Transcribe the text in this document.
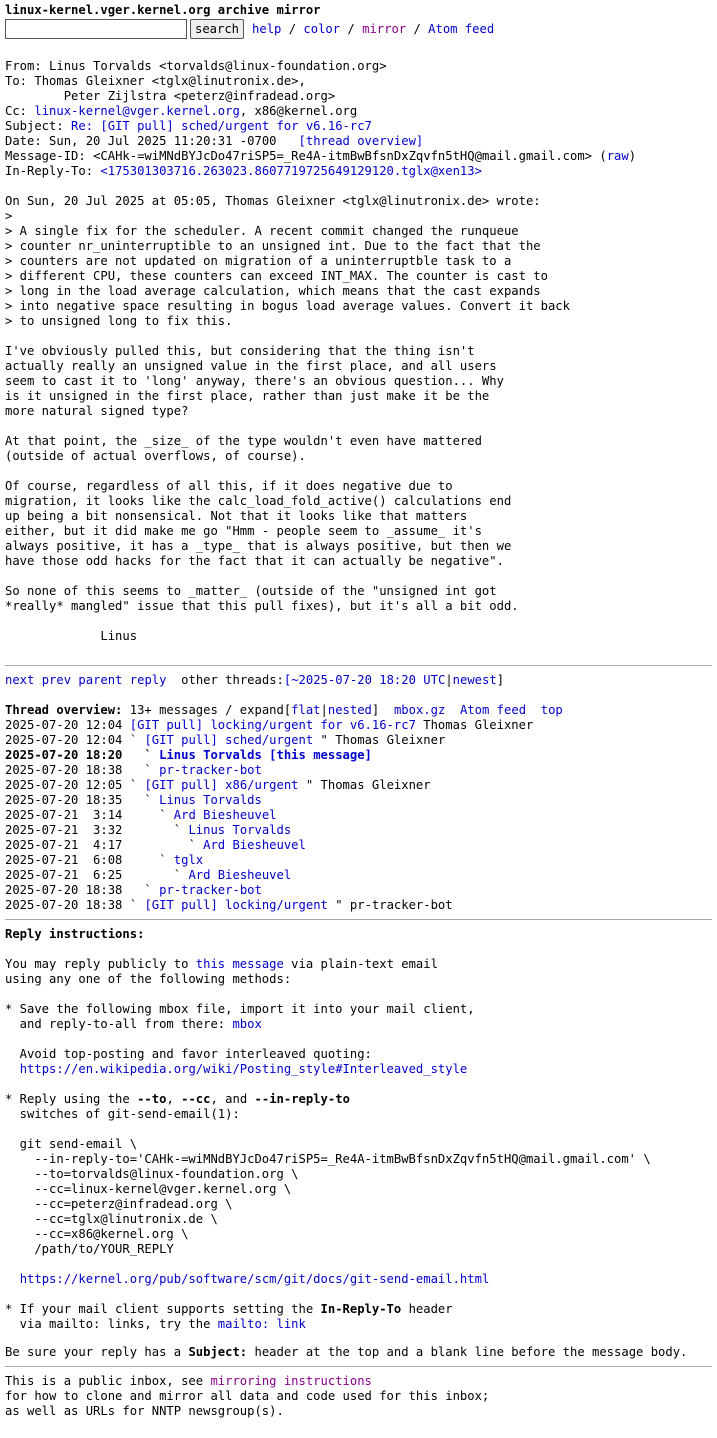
linux-kernel.vger.kernel.org archive mirror
search	help / color / mirror / Atom feed
From: Linus Torvalds <torvalds@linux-foundation.org>
To: Thomas Gleixner <tglx@linutronix.de>,
Peter Zijlstra <peterz@infradead.org>
Cc: linux-kernel@vger.kernel.org, x86@kernel.org
Subject: Re: [GIT pull] sched/urgent for v6.16-rc7
Date: Sun, 20 Jul 2025 11:20:31 -0700   [thread overview]
Message-ID: <CAHk-=wiMNdBYJcDo47riSP5=_Re4A-itmBwBfsnDxZqvfn5tHQ@mail.gmail.com> (raw)
In-Reply-To: <175301303716.263023.8607719725649129120.tglx@xen13>
On Sun, 20 Jul 2025 at 05:05, Thomas Gleixner <tglx@linutronix.de> wrote:
>
> A single fix for the scheduler. A recent commit changed the runqueue
> counter nr_uninterruptible to an unsigned int. Due to the fact that the
> counters are not updated on migration of a uninterruptble task to a
> different CPU, these counters can exceed INT_MAX. The counter is cast to
> long in the load average calculation, which means that the cast expands
> into negative space resulting in bogus load average values. Convert it back
> to unsigned long to fix this.
I've obviously pulled this, but considering that the thing isn't
actually really an unsigned value in the first place, and all users
seem to cast it to 'long' anyway, there's an obvious question... Why
is it unsigned in the first place, rather than just make it be the
more natural signed type?
At that point, the _size_ of the type wouldn't even have mattered
(outside of actual overflows, of course).
Of course, regardless of all this, if it does negative due to
migration, it looks like the calc_load_fold_active() calculations end
up being a bit nonsensical. Not that it looks like that matters
either, but it did make me go "Hmm - people seem to _assume_ it's
always positive, it has a _type_ that is always positive, but then we
have those odd hacks for the fact that it can actually be negative".
So none of this seems to _matter_ (outside of the "unsigned int got
*really* mangled" issue that this pull fixes), but it's all a bit odd.
Linus
next prev parent reply  other threads:[~2025-07-20 18:20 UTC|newest]
Thread overview: 13+ messages / expand[flat|nested] mbox.gz Atom feed top
2025-07-20 12:04 [GIT pull] locking/urgent for v6.16-rc7 Thomas Gleixner
2025-07-20 12:04 ` [GIT pull] sched/urgent " Thomas Gleixner
2025-07-20 18:20   ` Linus Torvalds [this message]
2025-07-20 18:38   ` pr-tracker-bot
2025-07-20 12:05 ` [GIT pull] x86/urgent " Thomas Gleixner
2025-07-20 18:35   ` Linus Torvalds
2025-07-21  3:14     ` Ard Biesheuvel
2025-07-21  3:32       ` Linus Torvalds
2025-07-21  4:17         ` Ard Biesheuvel
2025-07-21  6:08     ` tglx
2025-07-21  6:25       ` Ard Biesheuvel
2025-07-20 18:38   ` pr-tracker-bot
2025-07-20 18:38 ` [GIT pull] locking/urgent " pr-tracker-bot
Reply instructions:
You may reply publicly to this message via plain-text email
using any one of the following methods:
* Save the following mbox file, import it into your mail client,
and reply-to-all from there: mbox
Avoid top-posting and favor interleaved quoting:
https://en.wikipedia.org/wiki/Posting_style#Interleaved_style
* Reply using the --to, --cc, and --in-reply-to
switches of git-send-email(1):
git send-email \
--in-reply-to='CAHk-=wiMNdBYJcDo47riSP5=_Re4A-itmBwBfsnDxZqvfn5tHQ@mail.gmail.com' \
--to=torvalds@linux-foundation.org \
--cc=linux-kernel@vger.kernel.org \
--cc=peterz@infradead.org \
--cc=tglx@linutronix.de \
--cc=x86@kernel.org \
/path/to/YOUR_REPLY
https://kernel.org/pub/software/scm/git/docs/git-send-email.html
* If your mail client supports setting the In-Reply-To header
via mailto: links, try the mailto: link
Be sure your reply has a Subject: header at the top and a blank line before the message body.
This is a public inbox, see mirroring instructions
for how to clone and mirror all data and code used for this inbox;
as well as URLs for NNTP newsgroup(s).
